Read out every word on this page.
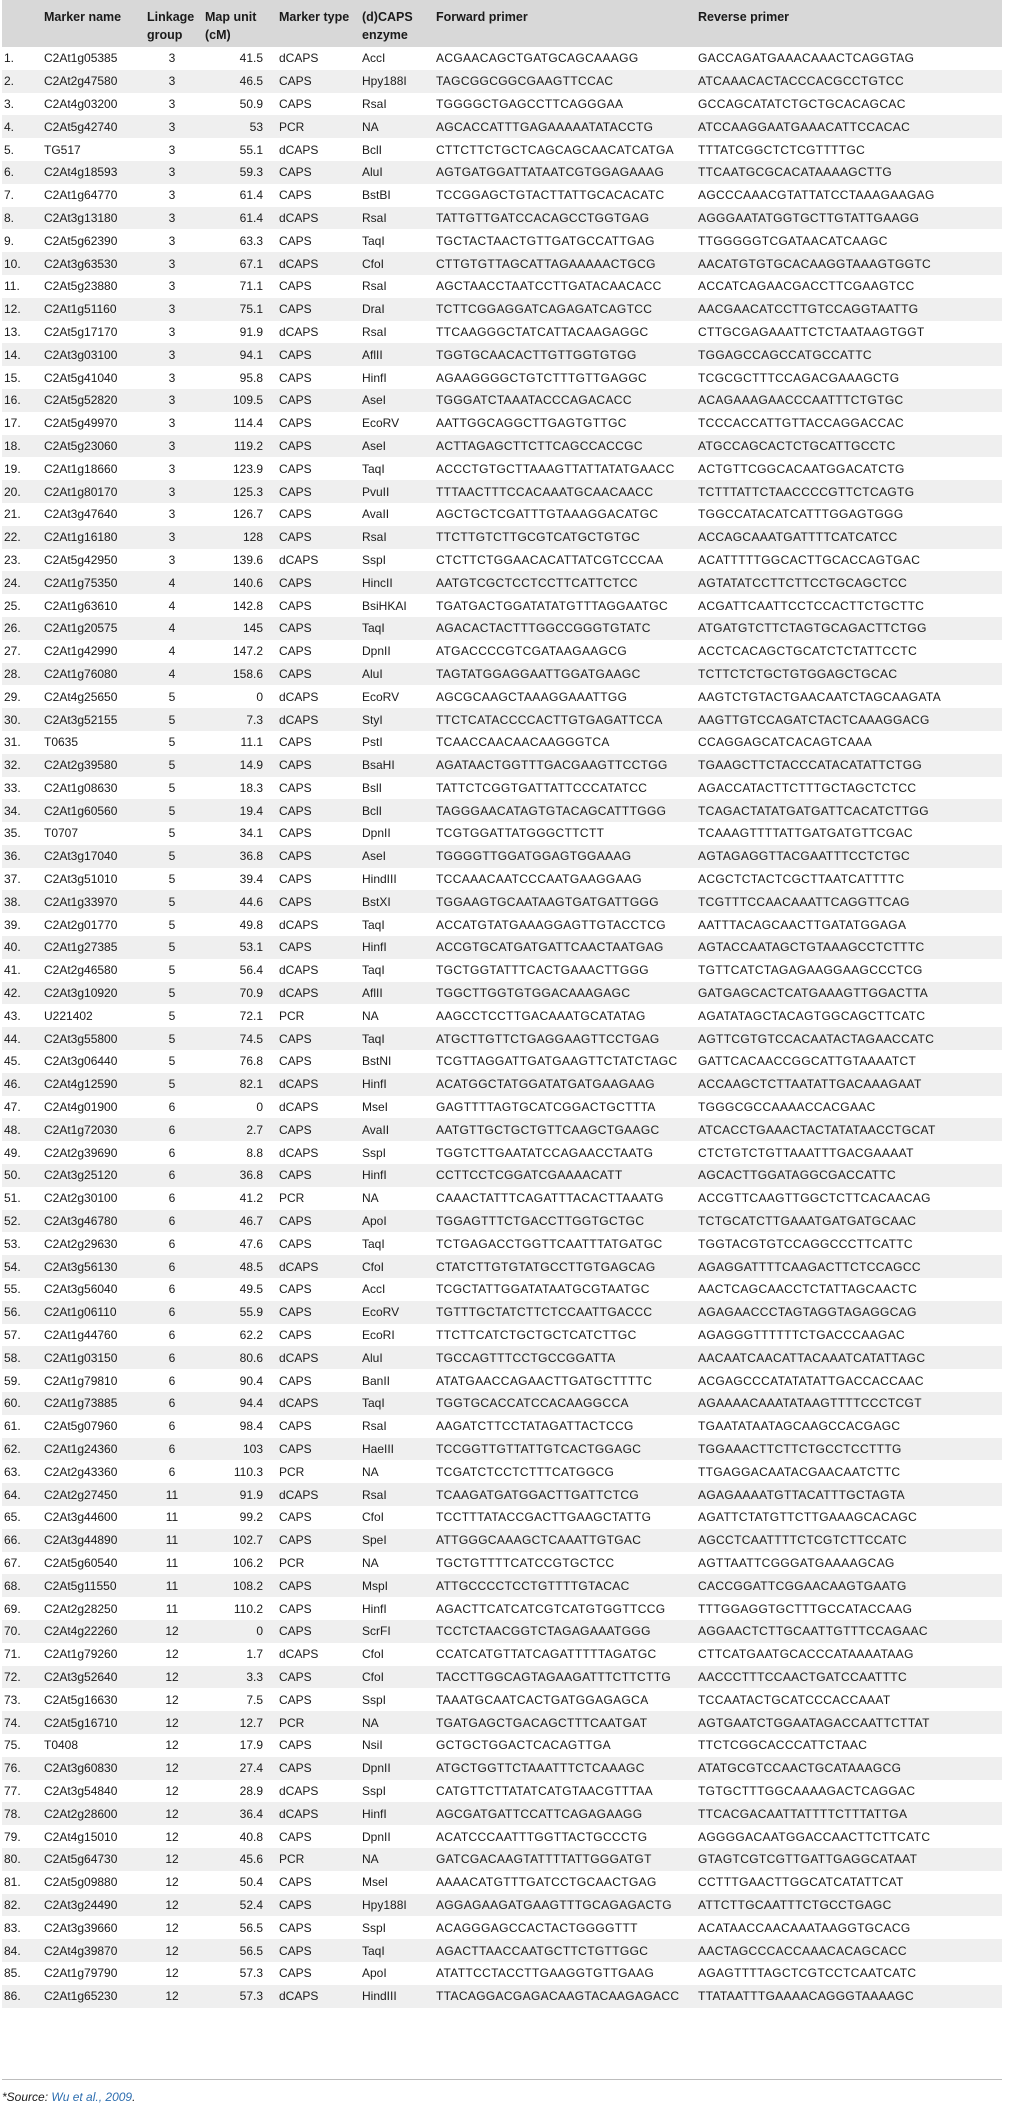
	Marker name	Linkage group	Map unit (cM)	Marker type	(d)CAPS enzyme	Forward primer	Reverse primer
1.	C2At1g05385	3	41.5	dCAPS	AccI	ACGAACAGCTGATGCAGCAAAGG	GACCAGATGAAACAAACTCAGGTAG
2.	C2At2g47580	3	46.5	CAPS	Hpy188I	TAGCGGCGGCGAAGTTCCAC	ATCAAACACTACCCACGCCTGTCC
3.	C2At4g03200	3	50.9	CAPS	RsaI	TGGGGCTGAGCCTTCAGGGAA	GCCAGCATATCTGCTGCACAGCAC
4.	C2At5g42740	3	53	PCR	NA	AGCACCATTTGAGAAAAATATACCTG	ATCCAAGGAATGAAACATTCCACAC
5.	TG517	3	55.1	dCAPS	BclI	CTTCTTCTGCTCAGCAGCAACATCATGA	TTTATCGGCTCTCGTTTTGC
6.	C2At4g18593	3	59.3	CAPS	AluI	AGTGATGGATTATAATCGTGGAGAAAG	TTCAATGCGCACATAAAAGCTTG
7.	C2At1g64770	3	61.4	CAPS	BstBI	TCCGGAGCTGTACTTATTGCACACATC	AGCCCAAACGTATTATCCTAAAGAAGAG
8.	C2At3g13180	3	61.4	dCAPS	RsaI	TATTGTTGATCCACAGCCTGGTGAG	AGGGAATATGGTGCTTGTATTGAAGG
9.	C2At5g62390	3	63.3	CAPS	TaqI	TGCTACTAACTGTTGATGCCATTGAG	TTGGGGGTCGATAACATCAAGC
10.	C2At3g63530	3	67.1	dCAPS	CfoI	CTTGTGTTAGCATTAGAAAAACTGCG	AACATGTGTGCACAAGGTAAAGTGGTC
11.	C2At5g23880	3	71.1	CAPS	RsaI	AGCTAACCTAATCCTTGATACAACACC	ACCATCAGAACGACCTTCGAAGTCC
12.	C2At1g51160	3	75.1	CAPS	DraI	TCTTCGGAGGATCAGAGATCAGTCC	AACGAACATCCTTGTCCAGGTAATTG
13.	C2At5g17170	3	91.9	dCAPS	RsaI	TTCAAGGGCTATCATTACAAGAGGC	CTTGCGAGAAATTCTCTAATAAGTGGT
14.	C2At3g03100	3	94.1	CAPS	AflII	TGGTGCAACACTTGTTGGTGTGG	TGGAGCCAGCCATGCCATTC
15.	C2At5g41040	3	95.8	CAPS	HinfI	AGAAGGGGCTGTCTTTGTTGAGGC	TCGCGCTTTCCAGACGAAAGCTG
16.	C2At5g52820	3	109.5	CAPS	AseI	TGGGATCTAAATACCCAGACACC	ACAGAAAGAACCCAATTTCTGTGC
17.	C2At5g49970	3	114.4	CAPS	EcoRV	AATTGGCAGGCTTGAGTGTTGC	TCCCACCATTGTTACCAGGACCAC
18.	C2At5g23060	3	119.2	CAPS	AseI	ACTTAGAGCTTCTTCAGCCACCGC	ATGCCAGCACTCTGCATTGCCTC
19.	C2At1g18660	3	123.9	CAPS	TaqI	ACCCTGTGCTTAAAGTTATTATATGAACC	ACTGTTCGGCACAATGGACATCTG
20.	C2At1g80170	3	125.3	CAPS	PvuII	TTTAACTTTCCACAAATGCAACAACC	TCTTTATTCTAACCCCGTTCTCAGTG
21.	C2At3g47640	3	126.7	CAPS	AvaII	AGCTGCTCGATTTGTAAAGGACATGC	TGGCCATACATCATTTGGAGTGGG
22.	C2At1g16180	3	128	CAPS	RsaI	TTCTTGTCTTGCGTCATGCTGTGC	ACCAGCAAATGATTTTCATCATCC
23.	C2At5g42950	3	139.6	dCAPS	SspI	CTCTTCTGGAACACATTATCGTCCCAA	ACATTTTTGGCACTTGCACCAGTGAC
24.	C2At1g75350	4	140.6	CAPS	HincII	AATGTCGCTCCTCCTTCATTCTCC	AGTATATCCTTCTTCCTGCAGCTCC
25.	C2At1g63610	4	142.8	CAPS	BsiHKAI	TGATGACTGGATATATGTTTAGGAATGC	ACGATTCAATTCCTCCACTTCTGCTTC
26.	C2At1g20575	4	145	CAPS	TaqI	AGACACTACTTTGGCCGGGTGTATC	ATGATGTCTTCTAGTGCAGACTTCTGG
27.	C2At1g42990	4	147.2	CAPS	DpnII	ATGACCCCGTCGATAAGAAGCG	ACCTCACAGCTGCATCTCTATTCCTC
28.	C2At1g76080	4	158.6	CAPS	AluI	TAGTATGGAGGAATTGGATGAAGC	TCTTCTCTGCTGTGGAGCTGCAC
29.	C2At4g25650	5	0	dCAPS	EcoRV	AGCGCAAGCTAAAGGAAATTGG	AAGTCTGTACTGAACAATCTAGCAAGATA
30.	C2At3g52155	5	7.3	dCAPS	StyI	TTCTCATACCCCACTTGTGAGATTCCA	AAGTTGTCCAGATCTACTCAAAGGACG
31.	T0635	5	11.1	CAPS	PstI	TCAACCAACAACAAGGGTCA	CCAGGAGCATCACAGTCAAA
32.	C2At2g39580	5	14.9	CAPS	BsaHI	AGATAACTGGTTTGACGAAGTTCCTGG	TGAAGCTTCTACCCATACATATTCTGG
33.	C2At1g08630	5	18.3	CAPS	BslI	TATTCTCGGTGATTATTCCCATATCC	AGACCATACTTCTTTGCTAGCTCTCC
34.	C2At1g60560	5	19.4	CAPS	BclI	TAGGGAACATAGTGTACAGCATTTGGG	TCAGACTATATGATGATTCACATCTTGG
35.	T0707	5	34.1	CAPS	DpnII	TCGTGGATTATGGGCTTCTT	TCAAAGTTTTATTGATGATGTTCGAC
36.	C2At3g17040	5	36.8	CAPS	AseI	TGGGGTTGGATGGAGTGGAAAG	AGTAGAGGTTACGAATTTCCTCTGC
37.	C2At3g51010	5	39.4	CAPS	HindIII	TCCAAACAATCCCAATGAAGGAAG	ACGCTCTACTCGCTTAATCATTTTC
38.	C2At1g33970	5	44.6	CAPS	BstXI	TGGAAGTGCAATAAGTGATGATTGGG	TCGTTTCCAACAAATTCAGGTTCAG
39.	C2At2g01770	5	49.8	dCAPS	TaqI	ACCATGTATGAAAGGAGTTGTACCTCG	AATTTACAGCAACTTGATATGGAGA
40.	C2At1g27385	5	53.1	CAPS	HinfI	ACCGTGCATGATGATTCAACTAATGAG	AGTACCAATAGCTGTAAAGCCTCTTTC
41.	C2At2g46580	5	56.4	dCAPS	TaqI	TGCTGGTATTTCACTGAAACTTGGG	TGTTCATCTAGAGAAGGAAGCCCTCG
42.	C2At3g10920	5	70.9	dCAPS	AflII	TGGCTTGGTGTGGACAAAGAGC	GATGAGCACTCATGAAAGTTGGACTTA
43.	U221402	5	72.1	PCR	NA	AAGCCTCCTTGACAAATGCATATAG	AGATATAGCTACAGTGGCAGCTTCATC
44.	C2At3g55800	5	74.5	CAPS	TaqI	ATGCTTGTTCTGAGGAAGTTCCTGAG	AGTTCGTGTCCACAATACTAGAACCATC
45.	C2At3g06440	5	76.8	CAPS	BstNI	TCGTTAGGATTGATGAAGTTCTATCTAGC	GATTCACAACCGGCATTGTAAAATCT
46.	C2At4g12590	5	82.1	dCAPS	HinfI	ACATGGCTATGGATATGATGAAGAAG	ACCAAGCTCTTAATATTGACAAAGAAT
47.	C2At4g01900	6	0	dCAPS	MseI	GAGTTTTAGTGCATCGGACTGCTTTA	TGGGCGCCAAAACCACGAAC
48.	C2At1g72030	6	2.7	CAPS	AvaII	AATGTTGCTGCTGTTCAAGCTGAAGC	ATCACCTGAAACTACTATATAACCTGCAT
49.	C2At2g39690	6	8.8	dCAPS	SspI	TGGTCTTGAATATCCAGAACCTAATG	CTCTGTCTGTTAAATTTGACGAAAAT
50.	C2At3g25120	6	36.8	CAPS	HinfI	CCTTCCTCGGATCGAAAACATT	AGCACTTGGATAGGCGACCATTC
51.	C2At2g30100	6	41.2	PCR	NA	CAAACTATTTCAGATTTACACTTAAATG	ACCGTTCAAGTTGGCTCTTCACAACAG
52.	C2At3g46780	6	46.7	CAPS	ApoI	TGGAGTTTCTGACCTTGGTGCTGC	TCTGCATCTTGAAATGATGATGCAAC
53.	C2At2g29630	6	47.6	CAPS	TaqI	TCTGAGACCTGGTTCAATTTATGATGC	TGGTACGTGTCCAGGCCCTTCATTC
54.	C2At3g56130	6	48.5	dCAPS	CfoI	CTATCTTGTGTATGCCTTGTGAGCAG	AGAGGATTTTCAAGACTTCTCCAGCC
55.	C2At3g56040	6	49.5	CAPS	AccI	TCGCTATTGGATATAATGCGTAATGC	AACTCAGCAACCTCTATTAGCAACTC
56.	C2At1g06110	6	55.9	CAPS	EcoRV	TGTTTGCTATCTTCTCCAATTGACCC	AGAGAACCCTAGTAGGTAGAGGCAG
57.	C2At1g44760	6	62.2	CAPS	EcoRI	TTCTTCATCTGCTGCTCATCTTGC	AGAGGGTTTTTTCTGACCCAAGAC
58.	C2At1g03150	6	80.6	dCAPS	AluI	TGCCAGTTTCCTGCCGGATTA	AACAATCAACATTACAAATCATATTAGC
59.	C2At1g79810	6	90.4	CAPS	BanII	ATATGAACCAGAACTTGATGCTTTTC	ACGAGCCCATATATATTGACCACCAAC
60.	C2At1g73885	6	94.4	dCAPS	TaqI	TGGTGCACCATCCACAAGGCCA	AGAAAACAAATATAAGTTTTCCCTCGT
61.	C2At5g07960	6	98.4	CAPS	RsaI	AAGATCTTCCTATAGATTACTCCG	TGAATATAATAGCAAGCCACGAGC
62.	C2At1g24360	6	103	CAPS	HaeIII	TCCGGTTGTTATTGTCACTGGAGC	TGGAAACTTCTTCTGCCTCCTTTG
63.	C2At2g43360	6	110.3	PCR	NA	TCGATCTCCTCTTTCATGGCG	TTGAGGACAATACGAACAATCTTC
64.	C2At2g27450	11	91.9	dCAPS	RsaI	TCAAGATGATGGACTTGATTCTCG	AGAGAAAATGTTACATTTGCTAGTA
65.	C2At3g44600	11	99.2	CAPS	CfoI	TCCTTTATACCGACTTGAAGCTATTG	AGATTCTATGTTCTTGAAAGCACAGC
66.	C2At3g44890	11	102.7	CAPS	SpeI	ATTGGGCAAAGCTCAAATTGTGAC	AGCCTCAATTTTCTCGTCTTCCATC
67.	C2At5g60540	11	106.2	PCR	NA	TGCTGTTTTCATCCGTGCTCC	AGTTAATTCGGGATGAAAAGCAG
68.	C2At5g11550	11	108.2	CAPS	MspI	ATTGCCCCTCCTGTTTTGTACAC	CACCGGATTCGGAACAAGTGAATG
69.	C2At2g28250	11	110.2	CAPS	HinfI	AGACTTCATCATCGTCATGTGGTTCCG	TTTGGAGGTGCTTTGCCATACCAAG
70.	C2At4g22260	12	0	CAPS	ScrFI	TCCTCTAACGGTCTAGAGAAATGGG	AGGAACTCTTGCAATTGTTTCCAGAAC
71.	C2At1g79260	12	1.7	dCAPS	CfoI	CCATCATGTTATCAGATTTTTAGATGC	CTTCATGAATGCACCCATAAAATAAG
72.	C2At3g52640	12	3.3	CAPS	CfoI	TACCTTGGCAGTAGAAGATTTCTTCTTG	AACCCTTTCCAACTGATCCAATTTC
73.	C2At5g16630	12	7.5	CAPS	SspI	TAAATGCAATCACTGATGGAGAGCA	TCCAATACTGCATCCCACCAAAT
74.	C2At5g16710	12	12.7	PCR	NA	TGATGAGCTGACAGCTTTCAATGAT	AGTGAATCTGGAATAGACCAATTCTTAT
75.	T0408	12	17.9	CAPS	NsiI	GCTGCTGGACTCACAGTTGA	TTCTCGGCACCCATTCTAAC
76.	C2At3g60830	12	27.4	CAPS	DpnII	ATGCTGGTTCTAAATTTCTCAAAGC	ATATGCGTCCAACTGCATAAAGCG
77.	C2At3g54840	12	28.9	dCAPS	SspI	CATGTTCTTATATCATGTAACGTTTAA	TGTGCTTTGGCAAAAGACTCAGGAC
78.	C2At2g28600	12	36.4	dCAPS	HinfI	AGCGATGATTCCATTCAGAGAAGG	TTCACGACAATTATTTTCTTTATTGA
79.	C2At4g15010	12	40.8	CAPS	DpnII	ACATCCCAATTTGGTTACTGCCCTG	AGGGGACAATGGACCAACTTCTTCATC
80.	C2At5g64730	12	45.6	PCR	NA	GATCGACAAGTATTTTATTGGGATGT	GTAGTCGTCGTTGATTGAGGCATAAT
81.	C2At5g09880	12	50.4	CAPS	MseI	AAAACATGTTTGATCCTGCAACTGAG	CCTTTGAACTTGGCATCATATTCAT
82.	C2At3g24490	12	52.4	CAPS	Hpy188I	AGGAGAAGATGAAGTTTGCAGAGACTG	ATTCTTGCAATTTCTGCCTGAGC
83.	C2At3g39660	12	56.5	CAPS	SspI	ACAGGGAGCCACTACTGGGGTTT	ACATAACCAACAAATAAGGTGCACG
84.	C2At4g39870	12	56.5	CAPS	TaqI	AGACTTAACCAATGCTTCTGTTGGC	AACTAGCCCACCAAACACAGCACC
85.	C2At1g79790	12	57.3	CAPS	ApoI	ATATTCCTACCTTGAAGGTGTTGAAG	AGAGTTTTAGCTCGTCCTCAATCATC
86.	C2At1g65230	12	57.3	dCAPS	HindIII	TTACAGGACGAGACAAGTACAAGAGACC	TTATAATTTGAAAACAGGGTAAAAGC
*Source: Wu et al., 2009.
